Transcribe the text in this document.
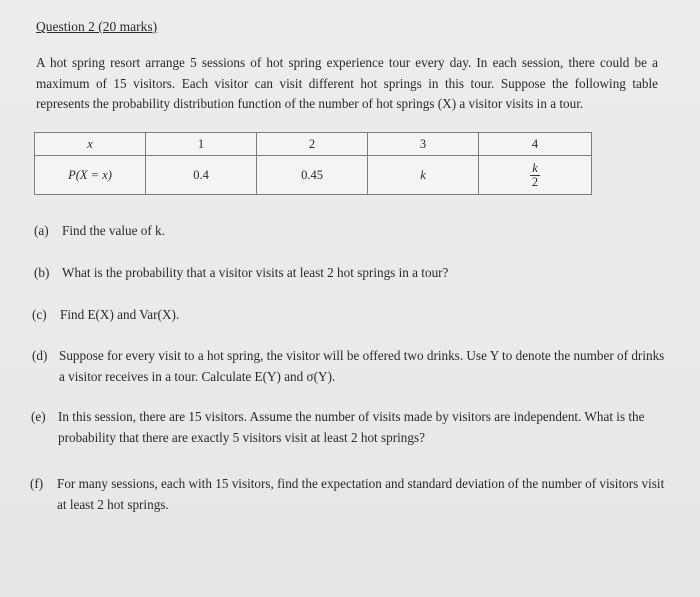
Question 2 (20 marks)
A hot spring resort arrange 5 sessions of hot spring experience tour every day. In each session, there could be a maximum of 15 visitors. Each visitor can visit different hot springs in this tour. Suppose the following table represents the probability distribution function of the number of hot springs (X) a visitor visits in a tour.
x	1	2	3	4
P(X = x)	0.4	0.45	k	$\frac{k}{2}$
(a)	Find the value of k.
(b) What is the probability that a visitor visits at least 2 hot springs in a tour?
(c)	Find E(X) and Var(X).
(d) Suppose for every visit to a hot spring, the visitor will be offered two drinks. Use Y to denote the number of drinks a visitor receives in a tour. Calculate E(Y) and σ(Y).
(e) In this session, there are 15 visitors. Assume the number of visits made by visitors are independent. What is the probability that there are exactly 5 visitors visit at least 2 hot springs?
(f)	For many sessions, each with 15 visitors, find the expectation and standard deviation of the number of visitors visit at least 2 hot springs.
